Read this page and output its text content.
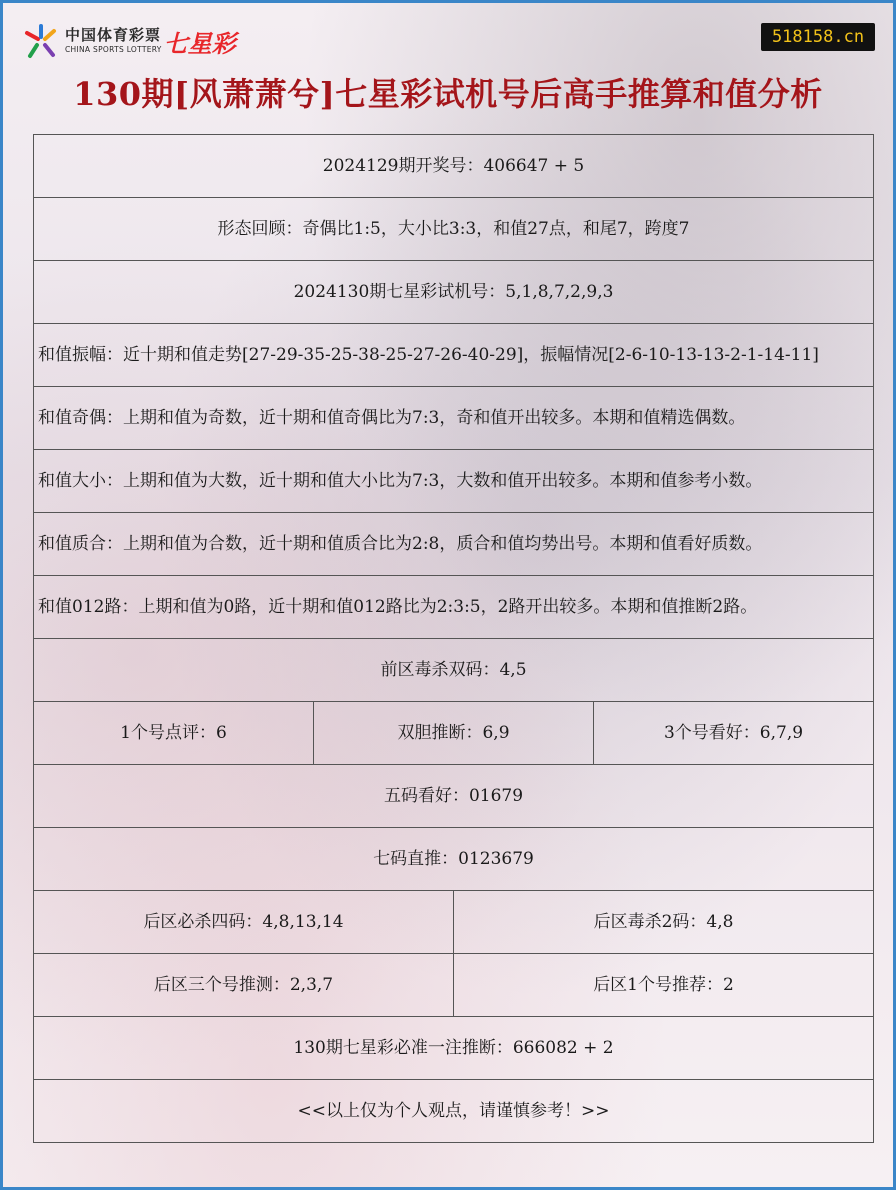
中国体育彩票
CHINA SPORTS LOTTERY 七星彩	518158.cn
130期[风萧萧兮]七星彩试机号后高手推算和值分析
2024129期开奖号：406647 + 5			
形态回顾：奇偶比1:5，大小比3:3，和值27点，和尾7，跨度7			
2024130期七星彩试机号：5,1,8,7,2,9,3			
和值振幅：近十期和值走势[27-29-35-25-38-25-27-26-40-29]，振幅情况[2-6-10-13-13-2-1-14-11]			
和值奇偶：上期和值为奇数，近十期和值奇偶比为7:3，奇和值开出较多。本期和值精选偶数。			
和值大小：上期和值为大数，近十期和值大小比为7:3，大数和值开出较多。本期和值参考小数。			
和值质合：上期和值为合数，近十期和值质合比为2:8，质合和值均势出号。本期和值看好质数。			
和值012路：上期和值为0路，近十期和值012路比为2:3:5，2路开出较多。本期和值推断2路。			
前区毒杀双码：4,5			
1个号点评：6	双胆推断：6,9		3个号看好：6,7,9
五码看好：01679			
七码直推：0123679			
后区必杀四码：4,8,13,14		后区毒杀2码：4,8	
后区三个号推测：2,3,7		后区1个号推荐：2	
130期七星彩必准一注推断：666082 + 2			
<<以上仅为个人观点，请谨慎参考！>>			
